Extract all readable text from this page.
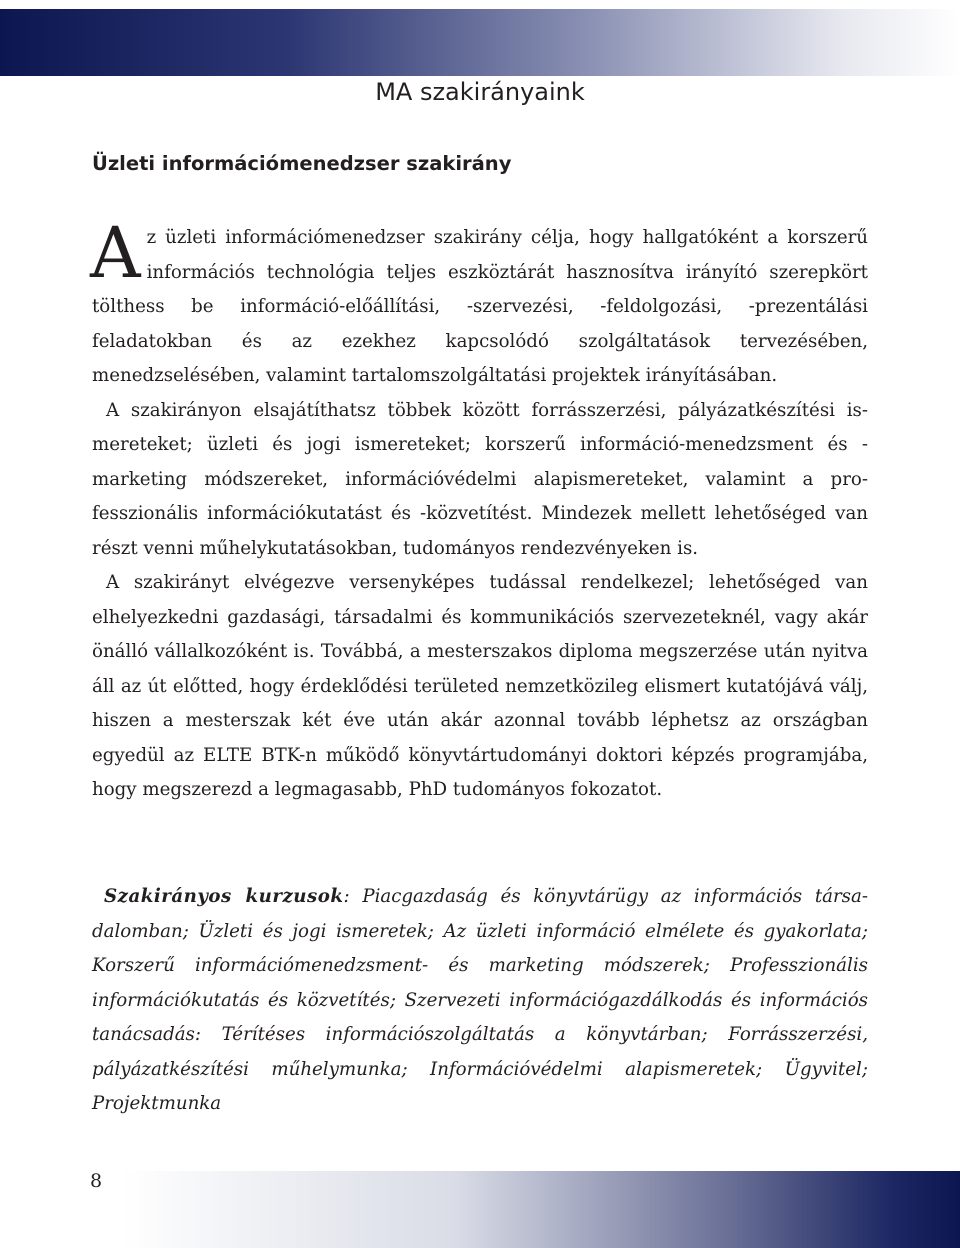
MA szakirányaink
Üzleti információmenedzser szakirány

Az üzleti információmenedzser szakirány célja, hogy hallgatóként a korszerű információs technológia teljes eszköztárát hasznosítva irányító szerepkört tölthess be információ-előállítási, -szervezési, -feldolgozási, -prezentálási feladatokban és az ezekhez kapcsolódó szolgáltatások tervezésében, menedzselésében, valamint tartalomszolgáltatási projektek irányításában.

A szakirányon elsajátíthatsz többek között forrásszerzési, pályázatkészítési ismereteket; üzleti és jogi ismereteket; korszerű információ-menedzsment és -marketing módszereket, információvédelmi alapismereteket, valamint a professzionális információkutatást és -közvetítést. Mindezek mellett lehetőséged van részt venni műhelykutatásokban, tudományos rendezvényeken is.

A szakirányt elvégezve versenyképes tudással rendelkezel; lehetőséged van elhelyezkedni gazdasági, társadalmi és kommunikációs szervezeteknél, vagy akár önálló vállalkozóként is. Továbbá, a mesterszakos diploma megszerzése után nyitva áll az út előtted, hogy érdeklődési területed nemzetközileg elismert kutatójává válj, hiszen a mesterszak két éve után akár azonnal tovább léphetsz az országban egyedül az ELTE BTK-n működő könyvtártudományi doktori képzés programjába, hogy megszerezd a legmagasabb, PhD tudományos fokozatot.

Szakirányos kurzusok: Piacgazdaság és könyvtárügy az információs társadalomban; Üzleti és jogi ismeretek; Az üzleti információ elmélete és gyakorlata; Korszerű információmenedzsment- és marketing módszerek; Professzionális információkutatás és közvetítés; Szervezeti információgazdálkodás és információs tanácsadás: Térítéses információszolgáltatás a könyvtárban; Forrásszerzési, pályázatkészítési műhelymunka; Információvédelmi alapismeretek; Ügyvitel; Projektmunka
8
